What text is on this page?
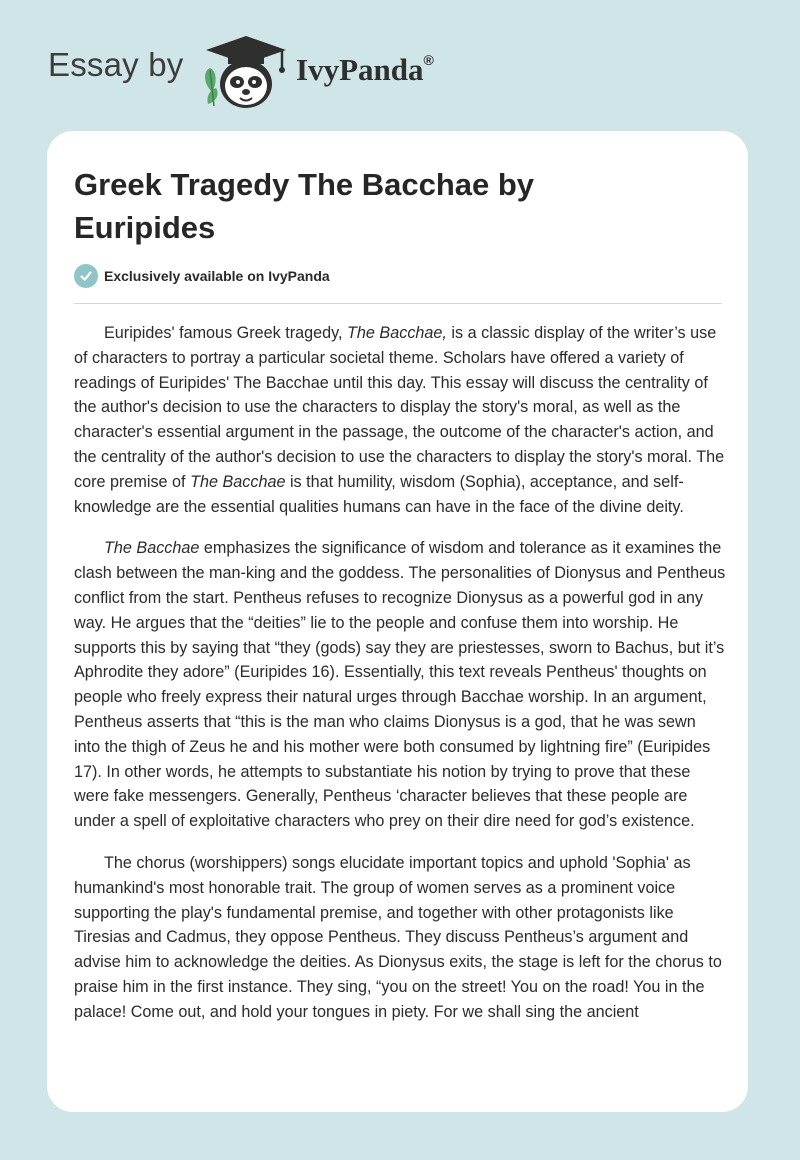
Essay by	IvyPanda®
Greek Tragedy The Bacchae by Euripides
Exclusively available on IvyPanda

Euripides' famous Greek tragedy, The Bacchae, is a classic display of the writer’s use of characters to portray a particular societal theme. Scholars have offered a variety of readings of Euripides' The Bacchae until this day. This essay will discuss the centrality of the author's decision to use the characters to display the story's moral, as well as the character's essential argument in the passage, the outcome of the character's action, and the centrality of the author's decision to use the characters to display the story's moral. The core premise of The Bacchae is that humility, wisdom (Sophia), acceptance, and self-knowledge are the essential qualities humans can have in the face of the divine deity.

The Bacchae emphasizes the significance of wisdom and tolerance as it examines the clash between the man-king and the goddess. The personalities of Dionysus and Pentheus conflict from the start. Pentheus refuses to recognize Dionysus as a powerful god in any way. He argues that the “deities” lie to the people and confuse them into worship. He supports this by saying that “they (gods) say they are priestesses, sworn to Bachus, but it’s Aphrodite they adore” (Euripides 16). Essentially, this text reveals Pentheus' thoughts on people who freely express their natural urges through Bacchae worship. In an argument, Pentheus asserts that “this is the man who claims Dionysus is a god, that he was sewn into the thigh of Zeus he and his mother were both consumed by lightning fire” (Euripides 17). In other words, he attempts to substantiate his notion by trying to prove that these were fake messengers. Generally, Pentheus ‘character believes that these people are under a spell of exploitative characters who prey on their dire need for god’s existence.

The chorus (worshippers) songs elucidate important topics and uphold 'Sophia' as humankind's most honorable trait. The group of women serves as a prominent voice supporting the play's fundamental premise, and together with other protagonists like Tiresias and Cadmus, they oppose Pentheus. They discuss Pentheus’s argument and advise him to acknowledge the deities. As Dionysus exits, the stage is left for the chorus to praise him in the first instance. They sing, “you on the street! You on the road! You in the palace! Come out, and hold your tongues in piety. For we shall sing the ancient
